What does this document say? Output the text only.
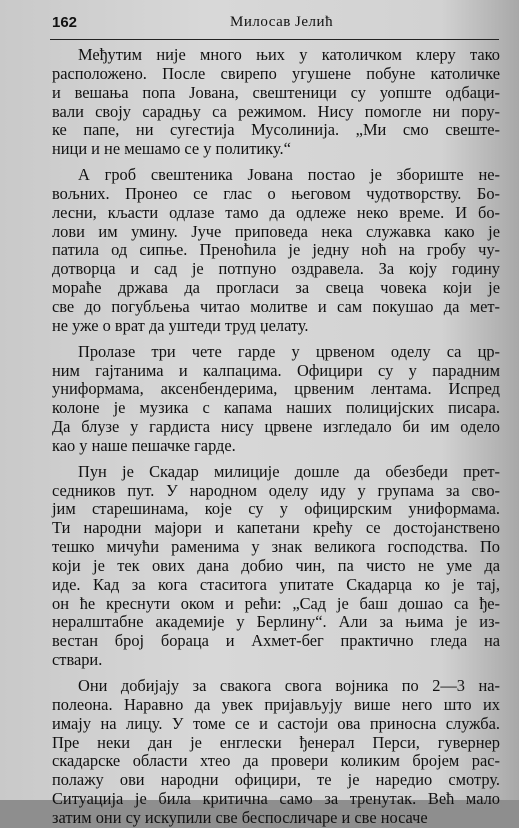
162	Милосав Јелић

Међутим није много њих у католичком клеру тако
расположено. После свирепо угушене побуне католичке
и вешања попа Јована, свештеници су уопште одбаци-
вали своју сарадњу са режимом. Нису помогле ни пору-
ке папе, ни сугестија Мусолинија. „Ми смо свеште-
ници и не мешамо се у политику.“

А гроб свештеника Јована постао је збориште не-
вољних. Пронео се глас о његовом чудотворству. Бо-
лесни, кљасти одлазе тамо да одлеже неко време. И бо-
лови им умину. Јуче приповеда нека служавка како је
патила од сипње. Преноћила је једну ноћ на гробу чу-
дотворца и сад је потпуно оздравела. За коју годину
мораће држава да прогласи за свеца човека који је
све до погубљења читао молитве и сам покушао да мет-
не уже о врат да уштеди труд џелату.

Пролазе три чете гарде у црвеном оделу са цр-
ним гајтанима и калпацима. Официри су у парадним
униформама, аксенбендерима, црвеним лентама. Испред
колоне је музика с капама наших полицијских писара.
Да блузе у гардиста нису црвене изгледало би им одело
као у наше пешачке гарде.

Пун је Скадар милиције дошле да обезбеди прет-
седников пут. У народном оделу иду у групама за сво-
јим старешинама, које су у официрским униформама.
Ти народни мајори и капетани крећу се достојанствено
тешко мичући раменима у знак великога господства. По
који је тек ових дана добио чин, па чисто не уме да
иде. Кад за кога стаситога упитате Скадарца ко је тај,
он ће креснути оком и рећи: „Сад је баш дошао са ђе-
нералштабне академије у Берлину“. Али за њима је из-
вестан број бораца и Ахмет-бег практично гледа на
ствари.

Они добијају за свакога свога војника по 2—3 на-
полеона. Наравно да увек пријављују више него што их
имају на лицу. У томе се и састоји ова приносна служба.
Пре неки дан је енглески ђенерал Перси, гувернер
скадарске области хтео да провери коликим бројем рас-
полажу ови народни официри, те је наредио смотру.
Ситуација је била критична само за тренутак. Већ мало
затим они су искупили све беспосличаре и све носаче
